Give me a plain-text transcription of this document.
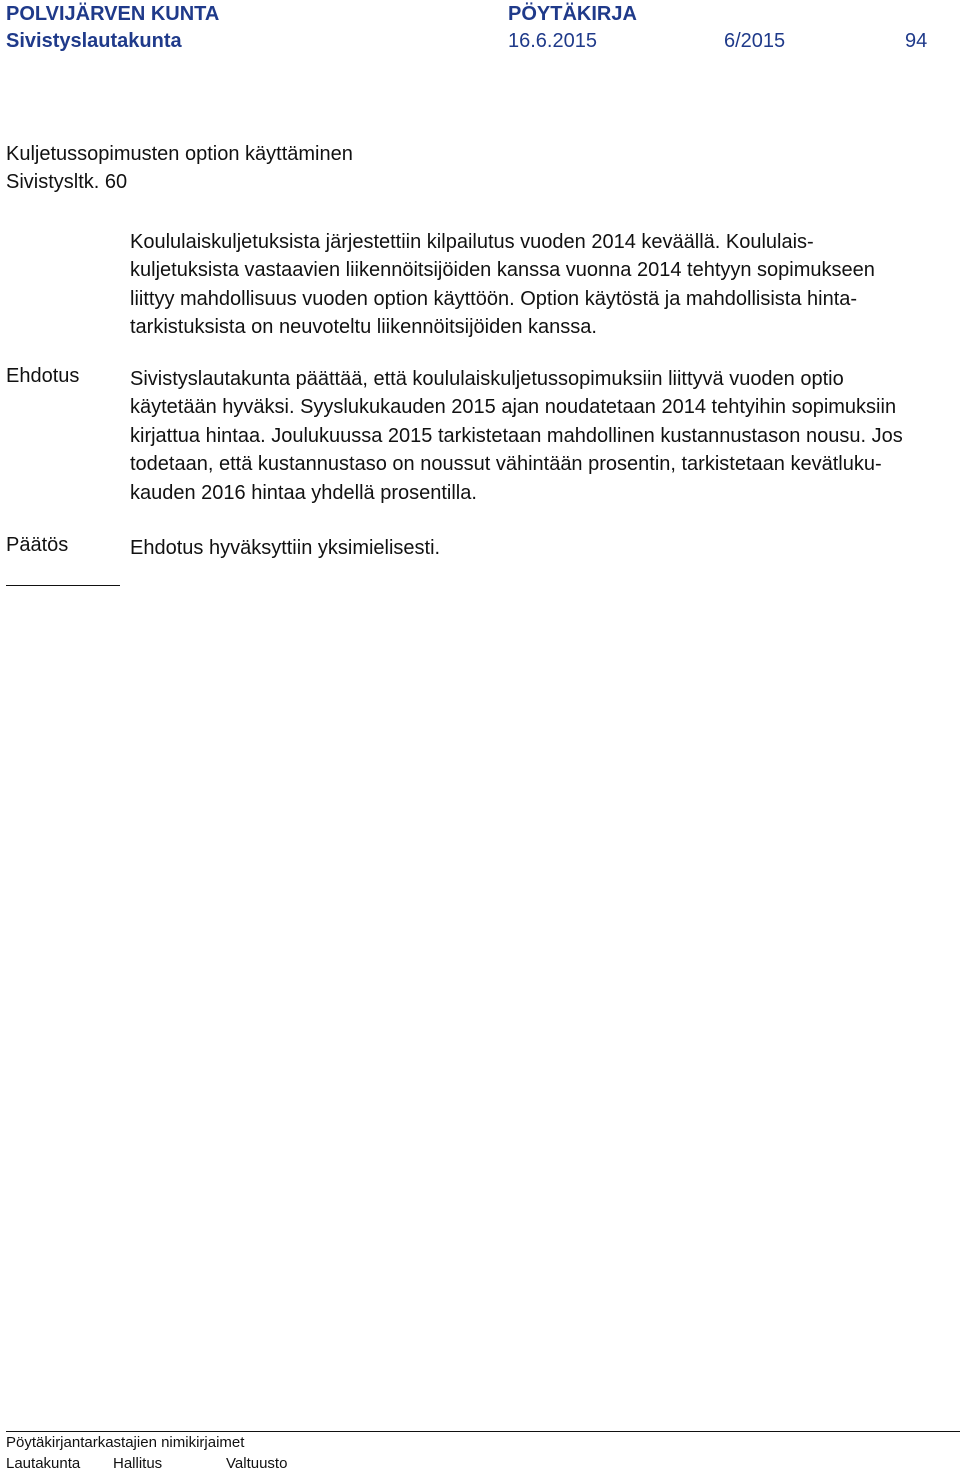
POLVIJÄRVEN KUNTA	PÖYTÄKIRJA
Sivistyslautakunta	16.6.2015	6/2015	94
Kuljetussopimusten option käyttäminen
Sivistysltk. 60
Koululaiskuljetuksista järjestettiin kilpailutus vuoden 2014 keväällä. Koululais-
kuljetuksista vastaavien liikennöitsijöiden kanssa vuonna 2014 tehtyyn sopimukseen
liittyy mahdollisuus vuoden option käyttöön. Option käytöstä ja mahdollisista hinta-
tarkistuksista on neuvoteltu liikennöitsijöiden kanssa.
Ehdotus	Sivistyslautakunta päättää, että koululaiskuljetussopimuksiin liittyvä vuoden optio
käytetään hyväksi. Syyslukukauden 2015 ajan noudatetaan 2014 tehtyihin sopimuksiin
kirjattua hintaa. Joulukuussa 2015 tarkistetaan mahdollinen kustannustason nousu. Jos
todetaan, että kustannustaso on noussut vähintään prosentin, tarkistetaan kevätluku-
kauden 2016 hintaa yhdellä prosentilla.
Päätös	Ehdotus hyväksyttiin yksimielisesti.
Pöytäkirjantarkastajien nimikirjaimet
Lautakunta Hallitus	Valtuusto
